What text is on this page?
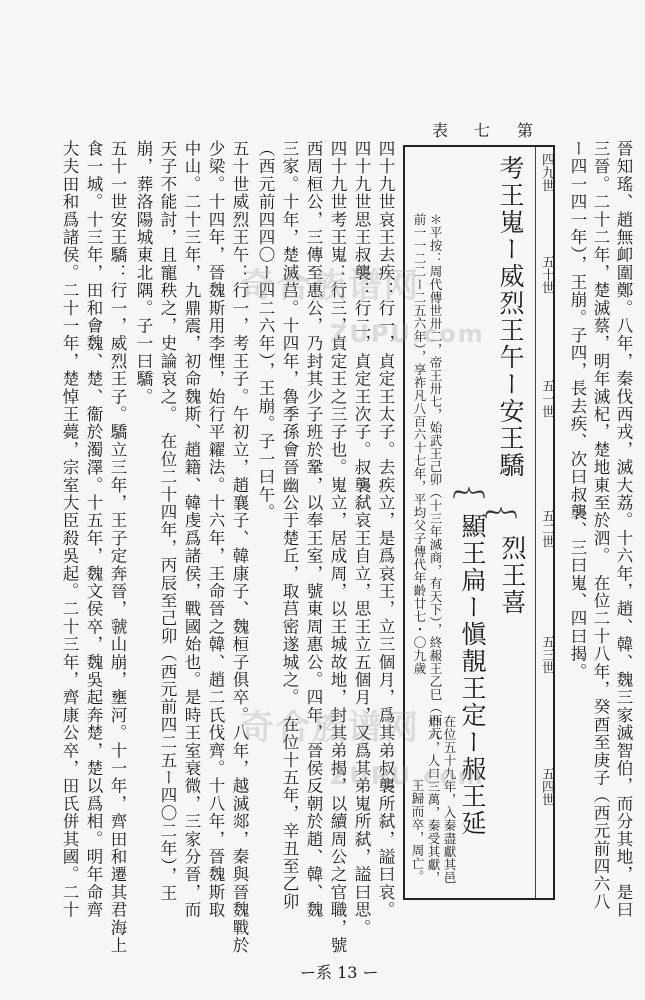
第
七
表
晉知瑤、趙無卹圍鄭。八年，秦伐西戎，滅大荔。十六年，趙、韓、魏三家滅智伯，而分其地，是曰
三晉。二十二年，楚滅蔡，明年滅杞，楚地東至於泗。　在位二十八年，癸酉至庚子（西元前四六八
ー四一四一年），王崩。子四，長去疾、次曰叔襲、三曰嵬、四曰揭。
四九世
五十世
五一世
五二世
五三世
五四世
考王嵬ー威烈王午ー安王驕
︷
烈王喜
顯王扁ー愼靚王定ー赧王延
︷
在位五十九年，入秦盡獻其邑
卅六，人口三萬，秦受其獻，
王歸而卒，周亡。
＊平按：周代傳世卅二，帝王卅七，始武王己卯（十三年滅商，有天下），終赧王乙巳（西元
前一一二二ー二五六年），享祚凡八百六十七年，平均父子傳代年齡廿七・〇九歲
四十九世哀王去疾：行一，貞定王太子。去疾立，是爲哀王，立三個月，爲其弟叔襲所弑，謚曰哀。
四十九世思王叔襲：行二，貞定王次子。叔襲弑哀王自立，思王立五個月，又爲其弟嵬所弑，謚曰思。
四十九世考王嵬：行三，貞定王之三子也。嵬立，居成周，以王城故地，封其弟揭，以續周公之官職，號
西周桓公，三傳至惠公，乃封其少子班於鞏，以奉王室，號東周惠公。四年，晉侯反朝於趙、韓、魏
三家。十年，楚滅莒。十四年，魯季孫會晉幽公于楚丘，取莒密遂城之。　在位十五年，辛丑至乙卯
（西元前四四〇ー四二六年），王崩。子一曰午。
五十世威烈王午：行一，考王子。午初立，趙襄子、韓康子、魏桓子俱卒。八年，越滅郯，秦與晉魏戰於
少梁。十四年，晉魏斯用李悝，始行平糴法。十六年，王命晉之韓、趙二氏伐齊。十八年，晉魏斯取
中山。二十三年，九鼎震，初命魏斯、趙籍、韓虔爲諸侯，戰國始也。是時王室衰微，三家分晉，而
天子不能討，且寵秩之，史論哀之。　在位二十四年，丙辰至己卯（西元前四二五ー四〇二年），王
崩，葬洛陽城東北隅。子一曰驕。
五十一世安王驕：行一，威烈王子。驕立三年，王子定奔晉，虢山崩，壅河。十一年，齊田和遷其君海上
食一城。十三年，田和會魏、楚、衞於濁澤。十五年，魏文侯卒，魏吳起奔楚，楚以爲相。明年命齊
大夫田和爲諸侯。二十一年，楚悼王薨，宗室大臣殺吳起。二十三年，齊康公卒，田氏併其國。二十
ー系 13 ー
奇合族谱网
ZUPU.com
奇合族谱网
ZUPU.com
